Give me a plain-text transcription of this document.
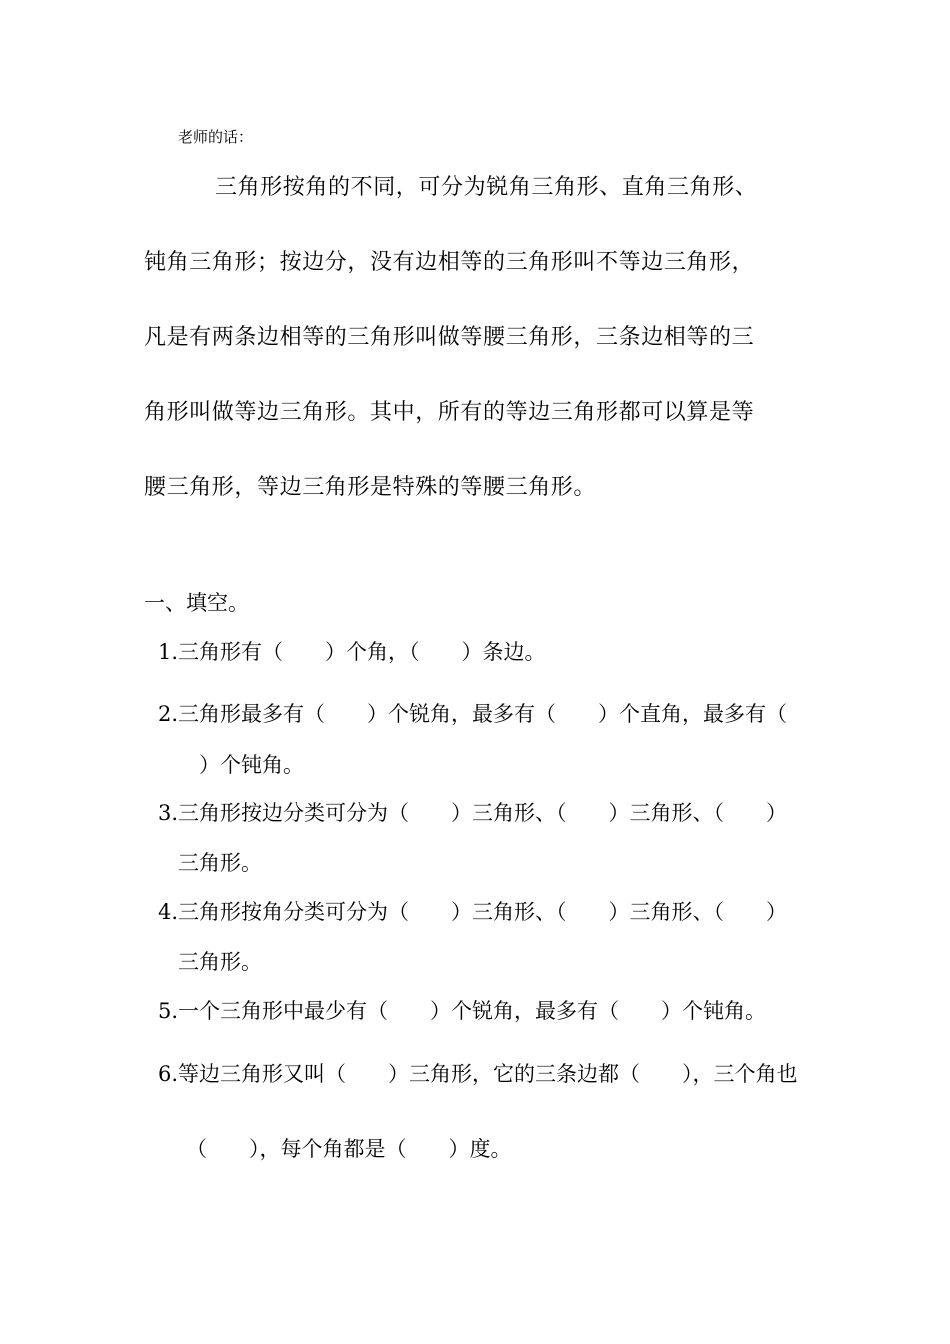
老师的话：

三角形按角的不同，可分为锐角三角形、直角三角形、

钝角三角形；按边分，没有边相等的三角形叫不等边三角形，

凡是有两条边相等的三角形叫做等腰三角形，三条边相等的三

角形叫做等边三角形。其中，所有的等边三角形都可以算是等

腰三角形，等边三角形是特殊的等腰三角形。

一、填空。

1.三角形有（　　）个角，（　　）条边。

2.三角形最多有（　　）个锐角，最多有（　　）个直角，最多有（

　）个钝角。

3.三角形按边分类可分为（　　）三角形、（　　）三角形、（　　）

三角形。

4.三角形按角分类可分为（　　）三角形、（　　）三角形、（　　）

三角形。

5.一个三角形中最少有（　　）个锐角，最多有（　　）个钝角。

6.等边三角形又叫（　　）三角形，它的三条边都（　　），三个角也

（　　），每个角都是（　　）度。
